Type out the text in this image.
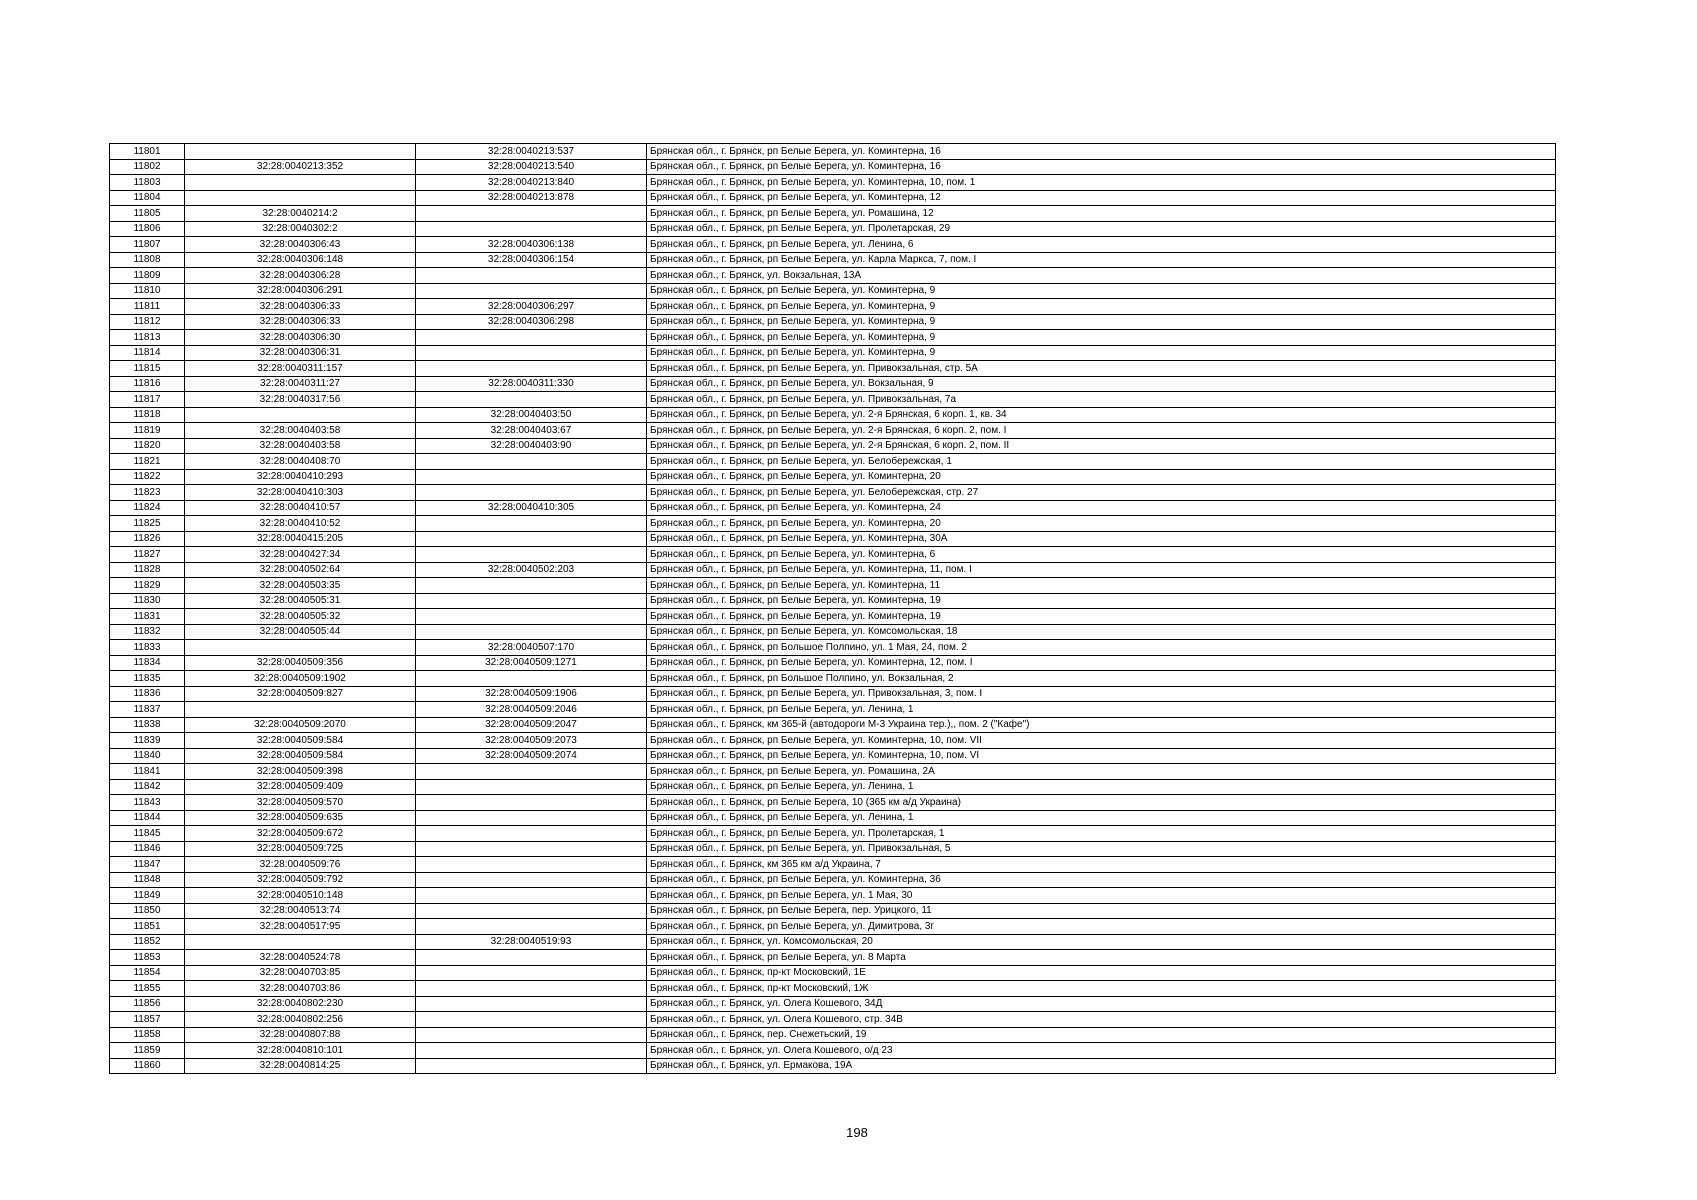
11801		32:28:0040213:537	Брянская обл., г. Брянск, рп Белые Берега, ул. Коминтерна, 16
11802	32:28:0040213:352	32:28:0040213:540	Брянская обл., г. Брянск, рп Белые Берега, ул. Коминтерна, 16
11803		32:28:0040213:840	Брянская обл., г. Брянск, рп Белые Берега, ул. Коминтерна, 10, пом. 1
11804		32:28:0040213:878	Брянская обл., г. Брянск, рп Белые Берега, ул. Коминтерна, 12
11805	32:28:0040214:2		Брянская обл., г. Брянск, рп Белые Берега, ул. Ромашина, 12
11806	32:28:0040302:2		Брянская обл., г. Брянск, рп Белые Берега, ул. Пролетарская, 29
11807	32:28:0040306:43	32:28:0040306:138	Брянская обл., г. Брянск, рп Белые Берега, ул. Ленина, 6
11808	32:28:0040306:148	32:28:0040306:154	Брянская обл., г. Брянск, рп Белые Берега, ул. Карла Маркса, 7, пом. I
11809	32:28:0040306:28		Брянская обл., г. Брянск, ул. Вокзальная, 13А
11810	32:28:0040306:291		Брянская обл., г. Брянск, рп Белые Берега, ул. Коминтерна, 9
11811	32:28:0040306:33	32:28:0040306:297	Брянская обл., г. Брянск, рп Белые Берега, ул. Коминтерна, 9
11812	32:28:0040306:33	32:28:0040306:298	Брянская обл., г. Брянск, рп Белые Берега, ул. Коминтерна, 9
11813	32:28:0040306:30		Брянская обл., г. Брянск, рп Белые Берега, ул. Коминтерна, 9
11814	32:28:0040306:31		Брянская обл., г. Брянск, рп Белые Берега, ул. Коминтерна, 9
11815	32:28:0040311:157		Брянская обл., г. Брянск, рп Белые Берега, ул. Привокзальная, стр. 5А
11816	32:28:0040311:27	32:28:0040311:330	Брянская обл., г. Брянск, рп Белые Берега, ул. Вокзальная, 9
11817	32:28:0040317:56		Брянская обл., г. Брянск, рп Белые Берега, ул. Привокзальная, 7а
11818		32:28:0040403:50	Брянская обл., г. Брянск, рп Белые Берега, ул. 2-я Брянская, 6 корп. 1, кв. 34
11819	32:28:0040403:58	32:28:0040403:67	Брянская обл., г. Брянск, рп Белые Берега, ул. 2-я Брянская, 6 корп. 2, пом. I
11820	32:28:0040403:58	32:28:0040403:90	Брянская обл., г. Брянск, рп Белые Берега, ул. 2-я Брянская, 6 корп. 2, пом. II
11821	32:28:0040408:70		Брянская обл., г. Брянск, рп Белые Берега, ул. Белобережская, 1
11822	32:28:0040410:293		Брянская обл., г. Брянск, рп Белые Берега, ул. Коминтерна, 20
11823	32:28:0040410:303		Брянская обл., г. Брянск, рп Белые Берега, ул. Белобережская, стр. 27
11824	32:28:0040410:57	32:28:0040410:305	Брянская обл., г. Брянск, рп Белые Берега, ул. Коминтерна, 24
11825	32:28:0040410:52		Брянская обл., г. Брянск, рп Белые Берега, ул. Коминтерна, 20
11826	32:28:0040415:205		Брянская обл., г. Брянск, рп Белые Берега, ул. Коминтерна, 30А
11827	32:28:0040427:34		Брянская обл., г. Брянск, рп Белые Берега, ул. Коминтерна, 6
11828	32:28:0040502:64	32:28:0040502:203	Брянская обл., г. Брянск, рп Белые Берега, ул. Коминтерна, 11, пом. I
11829	32:28:0040503:35		Брянская обл., г. Брянск, рп Белые Берега, ул. Коминтерна, 11
11830	32:28:0040505:31		Брянская обл., г. Брянск, рп Белые Берега, ул. Коминтерна, 19
11831	32:28:0040505:32		Брянская обл., г. Брянск, рп Белые Берега, ул. Коминтерна, 19
11832	32:28:0040505:44		Брянская обл., г. Брянск, рп Белые Берега, ул. Комсомольская, 18
11833		32:28:0040507:170	Брянская обл., г. Брянск, рп Большое Полпино, ул. 1 Мая, 24, пом. 2
11834	32:28:0040509:356	32:28:0040509:1271	Брянская обл., г. Брянск, рп Белые Берега, ул. Коминтерна, 12, пом. I
11835	32:28:0040509:1902		Брянская обл., г. Брянск, рп Большое Полпино, ул. Вокзальная, 2
11836	32:28:0040509:827	32:28:0040509:1906	Брянская обл., г. Брянск, рп Белые Берега, ул. Привокзальная, 3, пом. I
11837		32:28:0040509:2046	Брянская обл., г. Брянск, рп Белые Берега, ул. Ленина, 1
11838	32:28:0040509:2070	32:28:0040509:2047	Брянская обл., г. Брянск, км 365-й (автодороги М-3 Украина тер.),, пом. 2 ("Кафе")
11839	32:28:0040509:584	32:28:0040509:2073	Брянская обл., г. Брянск, рп Белые Берега, ул. Коминтерна, 10, пом. VII
11840	32:28:0040509:584	32:28:0040509:2074	Брянская обл., г. Брянск, рп Белые Берега, ул. Коминтерна, 10, пом. VI
11841	32:28:0040509:398		Брянская обл., г. Брянск, рп Белые Берега, ул. Ромашина, 2А
11842	32:28:0040509:409		Брянская обл., г. Брянск, рп Белые Берега, ул. Ленина, 1
11843	32:28:0040509:570		Брянская обл., г. Брянск, рп Белые Берега, 10 (365 км а/д Украина)
11844	32:28:0040509:635		Брянская обл., г. Брянск, рп Белые Берега, ул. Ленина, 1
11845	32:28:0040509:672		Брянская обл., г. Брянск, рп Белые Берега, ул. Пролетарская, 1
11846	32:28:0040509:725		Брянская обл., г. Брянск, рп Белые Берега, ул. Привокзальная, 5
11847	32:28:0040509:76		Брянская обл., г. Брянск, км 365 км а/д Украина, 7
11848	32:28:0040509:792		Брянская обл., г. Брянск, рп Белые Берега, ул. Коминтерна, 36
11849	32:28:0040510:148		Брянская обл., г. Брянск, рп Белые Берега, ул. 1 Мая, 30
11850	32:28:0040513:74		Брянская обл., г. Брянск, рп Белые Берега, пер. Урицкого, 11
11851	32:28:0040517:95		Брянская обл., г. Брянск, рп Белые Берега, ул. Димитрова, 3г
11852		32:28:0040519:93	Брянская обл., г. Брянск, ул. Комсомольская, 20
11853	32:28:0040524:78		Брянская обл., г. Брянск, рп Белые Берега, ул. 8 Марта
11854	32:28:0040703:85		Брянская обл., г. Брянск, пр-кт Московский, 1Е
11855	32:28:0040703:86		Брянская обл., г. Брянск, пр-кт Московский, 1Ж
11856	32:28:0040802:230		Брянская обл., г. Брянск, ул. Олега Кошевого, 34Д
11857	32:28:0040802:256		Брянская обл., г. Брянск, ул. Олега Кошевого, стр. 34В
11858	32:28:0040807:88		Брянская обл., г. Брянск, пер. Снежетьский, 19
11859	32:28:0040810:101		Брянская обл., г. Брянск, ул. Олега Кошевого, о/д 23
11860	32:28:0040814:25		Брянская обл., г. Брянск, ул. Ермакова, 19А
198
